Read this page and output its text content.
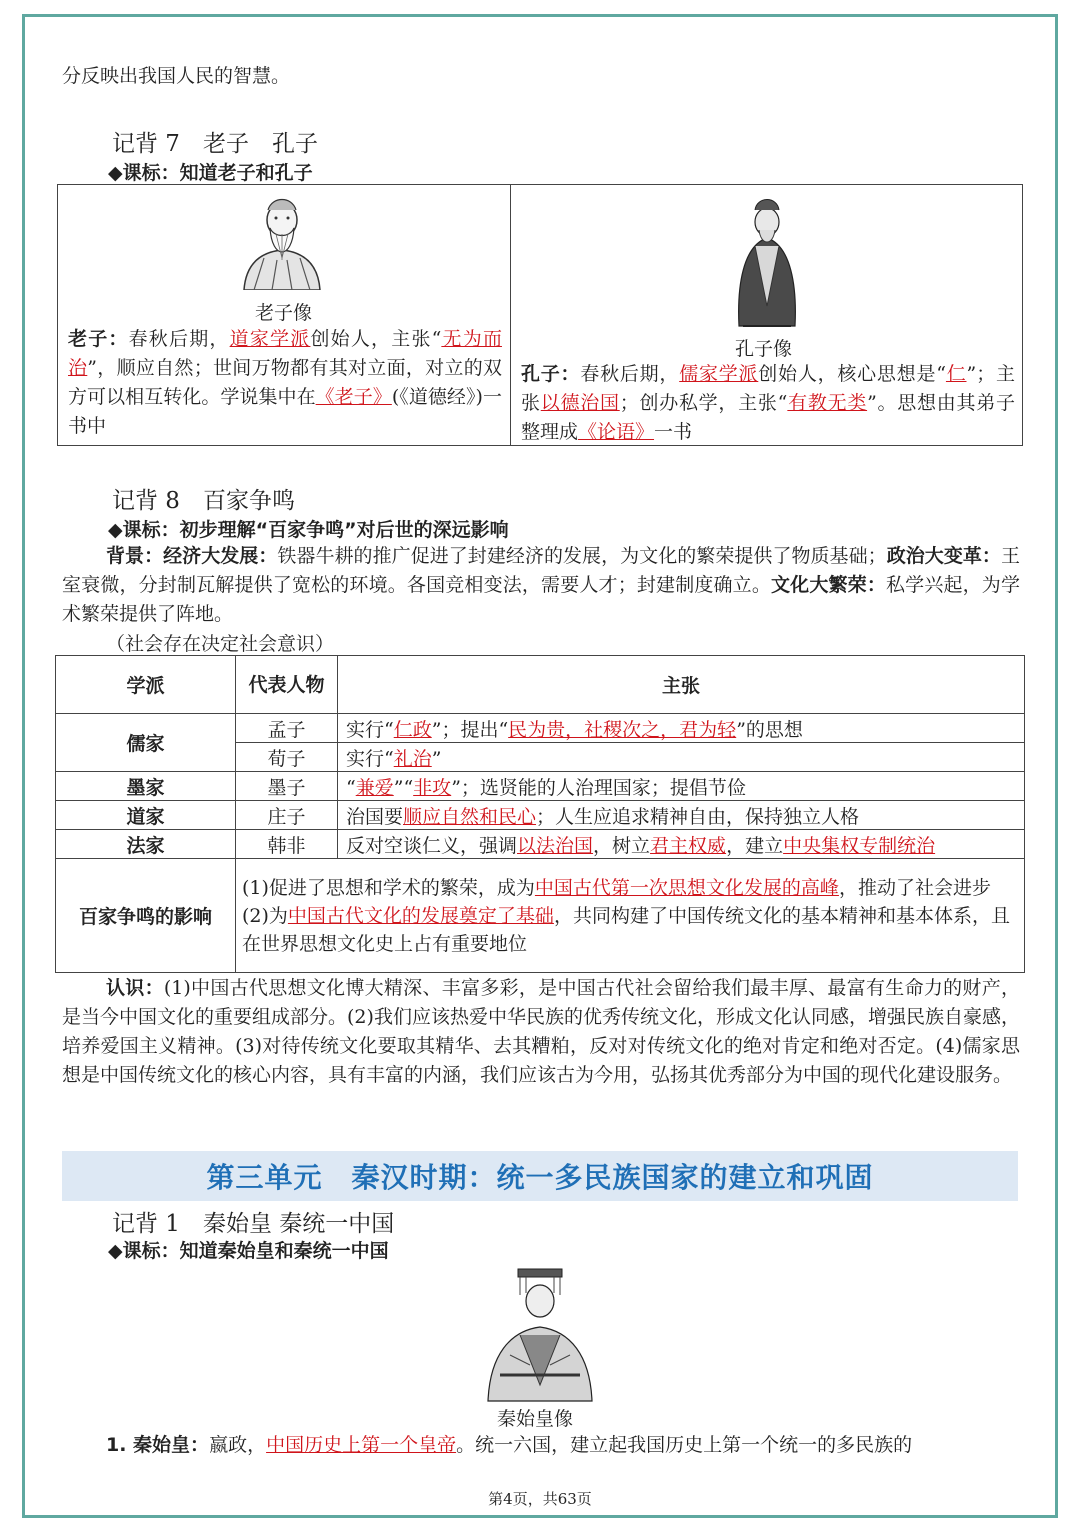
分反映出我国人民的智慧。
记背 7　老子　孔子
◆课标：知道老子和孔子
老子像
老子：春秋后期，道家学派创始人，主张“无为而治”，顺应自然；世间万物都有其对立面，对立的双方可以相互转化。学说集中在《老子》(《道德经》)一书中
孔子像
孔子：春秋后期，儒家学派创始人，核心思想是“仁”；主张以德治国；创办私学，主张“有教无类”。思想由其弟子整理成《论语》一书
记背 8　百家争鸣
◆课标：初步理解“百家争鸣”对后世的深远影响
背景：经济大发展：铁器牛耕的推广促进了封建经济的发展，为文化的繁荣提供了物质基础；政治大变革：王室衰微，分封制瓦解提供了宽松的环境。各国竞相变法，需要人才；封建制度确立。文化大繁荣：私学兴起，为学术繁荣提供了阵地。
（社会存在决定社会意识）
学派	代表人物	主张
儒家	孟子	实行“仁政”；提出“民为贵，社稷次之，君为轻”的思想
	荀子	实行“礼治”
墨家	墨子	“兼爱”“非攻”；选贤能的人治理国家；提倡节俭
道家	庄子	治国要顺应自然和民心；人生应追求精神自由，保持独立人格
法家	韩非	反对空谈仁义，强调以法治国，树立君主权威，建立中央集权专制统治
百家争鸣的影响	(1)促进了思想和学术的繁荣，成为中国古代第一次思想文化发展的高峰，推动了社会进步
(2)为中国古代文化的发展奠定了基础，共同构建了中国传统文化的基本精神和基本体系，且在世界思想文化史上占有重要地位	
认识：(1)中国古代思想文化博大精深、丰富多彩，是中国古代社会留给我们最丰厚、最富有生命力的财产，是当今中国文化的重要组成部分。(2)我们应该热爱中华民族的优秀传统文化，形成文化认同感，增强民族自豪感，培养爱国主义精神。(3)对待传统文化要取其精华、去其糟粕，反对对传统文化的绝对肯定和绝对否定。(4)儒家思想是中国传统文化的核心内容，具有丰富的内涵，我们应该古为今用，弘扬其优秀部分为中国的现代化建设服务。
第三单元　秦汉时期：统一多民族国家的建立和巩固
记背 1　秦始皇 秦统一中国
◆课标：知道秦始皇和秦统一中国
秦始皇像
1. 秦始皇：嬴政，中国历史上第一个皇帝。统一六国，建立起我国历史上第一个统一的多民族的
第4页，共63页
